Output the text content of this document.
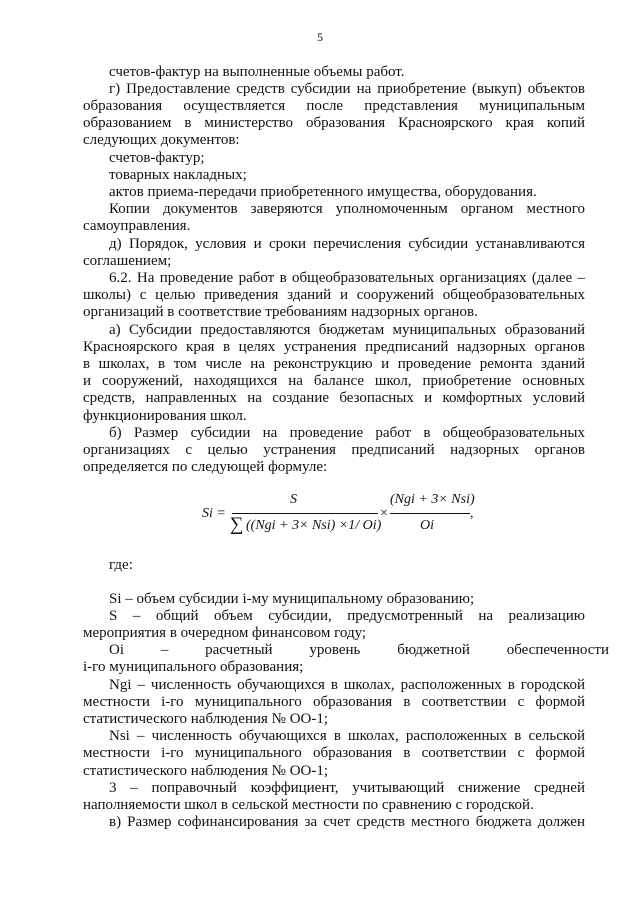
5
счетов-фактур на выполненные объемы работ.
г) Предоставление средств субсидии на приобретение (выкуп) объектов
образования осуществляется после представления муниципальным
образованием в министерство образования Красноярского края копий
следующих документов:
счетов-фактур;
товарных накладных;
актов приема-передачи приобретенного имущества, оборудования.
Копии документов заверяются уполномоченным органом местного
самоуправления.
д) Порядок, условия и сроки перечисления субсидии устанавливаются
соглашением;
6.2. На проведение работ в общеобразовательных организациях (далее –
школы) с целью приведения зданий и сооружений общеобразовательных
организаций в соответствие требованиям надзорных органов.
а) Субсидии предоставляются бюджетам муниципальных образований
Красноярского края в целях устранения предписаний надзорных органов
в школах, в том числе на реконструкцию и проведение ремонта зданий
и сооружений, находящихся на балансе школ, приобретение основных
средств, направленных на создание безопасных и комфортных условий
функционирования школ.
б) Размер субсидии на проведение работ в общеобразовательных
организациях с целью устранения предписаний надзорных органов
определяется по следующей формуле:
Si =
S
∑ ((Ngi + 3× Nsi) ×1/ Oi)
×
(Ngi + 3× Nsi)
Oi
,
где:
Si – объем субсидии i-му муниципальному образованию;
S – общий объем субсидии, предусмотренный на реализацию
мероприятия в очередном финансовом году;
Oi – расчетный уровень бюджетной обеспеченности
i-го муниципального образования;
Ngi – численность обучающихся в школах, расположенных в городской
местности i-го муниципального образования в соответствии с формой
статистического наблюдения № ОО-1;
Nsi – численность обучающихся в школах, расположенных в сельской
местности i-го муниципального образования в соответствии с формой
статистического наблюдения № ОО-1;
3 – поправочный коэффициент, учитывающий снижение средней
наполняемости школ в сельской местности по сравнению с городской.
в) Размер софинансирования за счет средств местного бюджета должен
